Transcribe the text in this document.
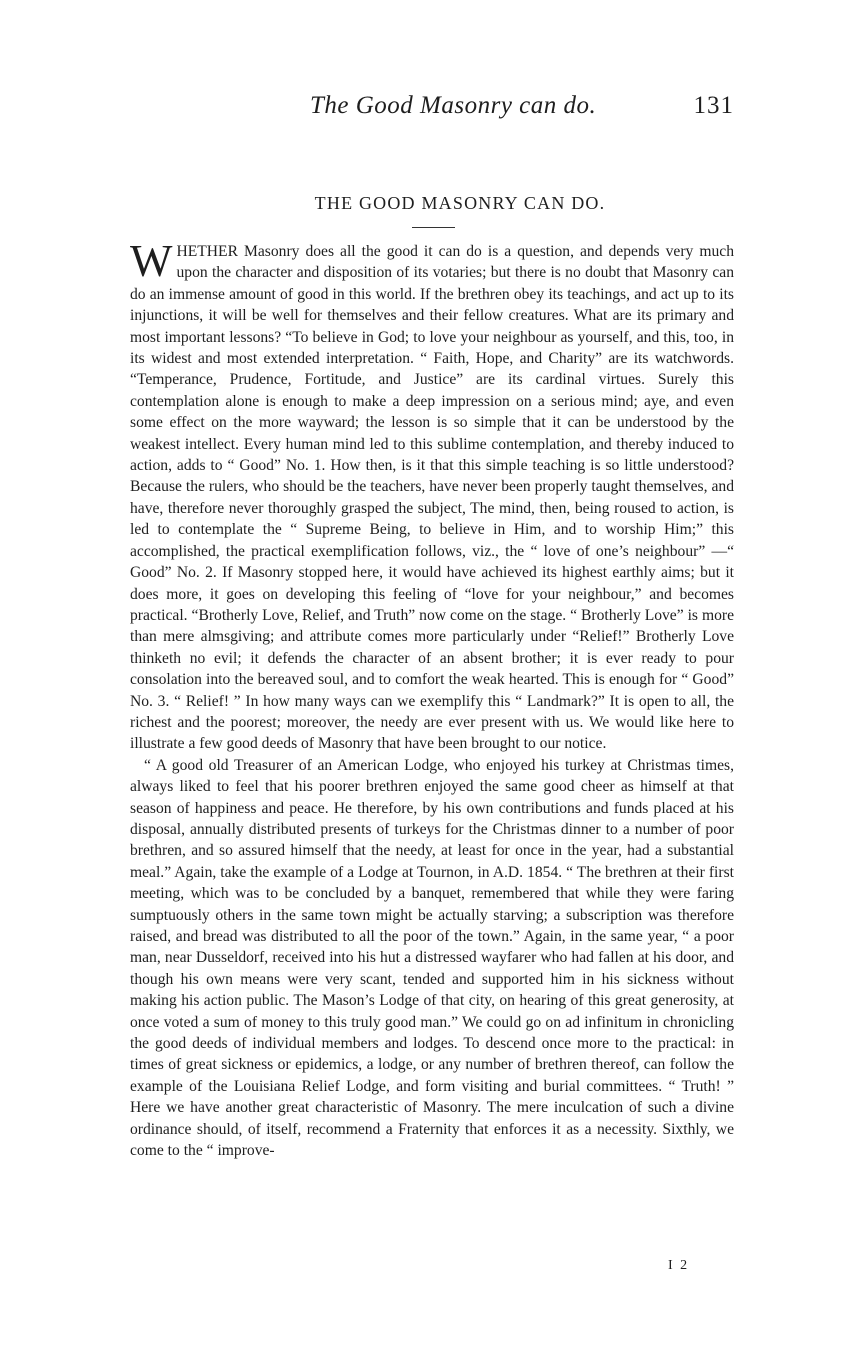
The Good Masonry can do.	131
THE GOOD MASONRY CAN DO.

WHETHER Masonry does all the good it can do is a question, and depends very much upon the character and disposition of its votaries; but there is no doubt that Masonry can do an immense amount of good in this world. If the brethren obey its teachings, and act up to its injunctions, it will be well for themselves and their fellow creatures. What are its primary and most important lessons? “To believe in God; to love your neighbour as yourself, and this, too, in its widest and most extended interpretation. “ Faith, Hope, and Charity” are its watchwords. “Temperance, Prudence, Fortitude, and Justice” are its cardinal virtues. Surely this contemplation alone is enough to make a deep impression on a serious mind; aye, and even some effect on the more wayward; the lesson is so simple that it can be understood by the weakest intellect. Every human mind led to this sublime contemplation, and thereby induced to action, adds to “ Good” No. 1. How then, is it that this simple teaching is so little understood? Because the rulers, who should be the teachers, have never been properly taught themselves, and have, therefore never thoroughly grasped the subject, The mind, then, being roused to action, is led to contemplate the “ Supreme Being, to believe in Him, and to worship Him;” this accomplished, the practical exemplification follows, viz., the “ love of one’s neighbour” —“ Good” No. 2. If Masonry stopped here, it would have achieved its highest earthly aims; but it does more, it goes on developing this feeling of “love for your neighbour,” and becomes practical. “Brotherly Love, Relief, and Truth” now come on the stage. “ Brotherly Love” is more than mere almsgiving; and attribute comes more particularly under “Relief!” Brotherly Love thinketh no evil; it defends the character of an absent brother; it is ever ready to pour consolation into the bereaved soul, and to comfort the weak hearted. This is enough for “ Good” No. 3. “ Relief! ” In how many ways can we exemplify this “ Landmark?” It is open to all, the richest and the poorest; moreover, the needy are ever present with us. We would like here to illustrate a few good deeds of Masonry that have been brought to our notice.

“ A good old Treasurer of an American Lodge, who enjoyed his turkey at Christmas times, always liked to feel that his poorer brethren enjoyed the same good cheer as himself at that season of happiness and peace. He therefore, by his own contributions and funds placed at his disposal, annually distributed presents of turkeys for the Christmas dinner to a number of poor brethren, and so assured himself that the needy, at least for once in the year, had a substantial meal.” Again, take the example of a Lodge at Tournon, in A.D. 1854. “ The brethren at their first meeting, which was to be concluded by a banquet, remembered that while they were faring sumptuously others in the same town might be actually starving; a subscription was therefore raised, and bread was distributed to all the poor of the town.” Again, in the same year, “ a poor man, near Dusseldorf, received into his hut a distressed wayfarer who had fallen at his door, and though his own means were very scant, tended and supported him in his sickness without making his action public. The Mason’s Lodge of that city, on hearing of this great generosity, at once voted a sum of money to this truly good man.” We could go on ad infinitum in chronicling the good deeds of individual members and lodges. To descend once more to the practical: in times of great sickness or epidemics, a lodge, or any number of brethren thereof, can follow the example of the Louisiana Relief Lodge, and form visiting and burial committees. “ Truth! ” Here we have another great characteristic of Masonry. The mere inculcation of such a divine ordinance should, of itself, recommend a Fraternity that enforces it as a necessity. Sixthly, we come to the “ improve-

I 2
